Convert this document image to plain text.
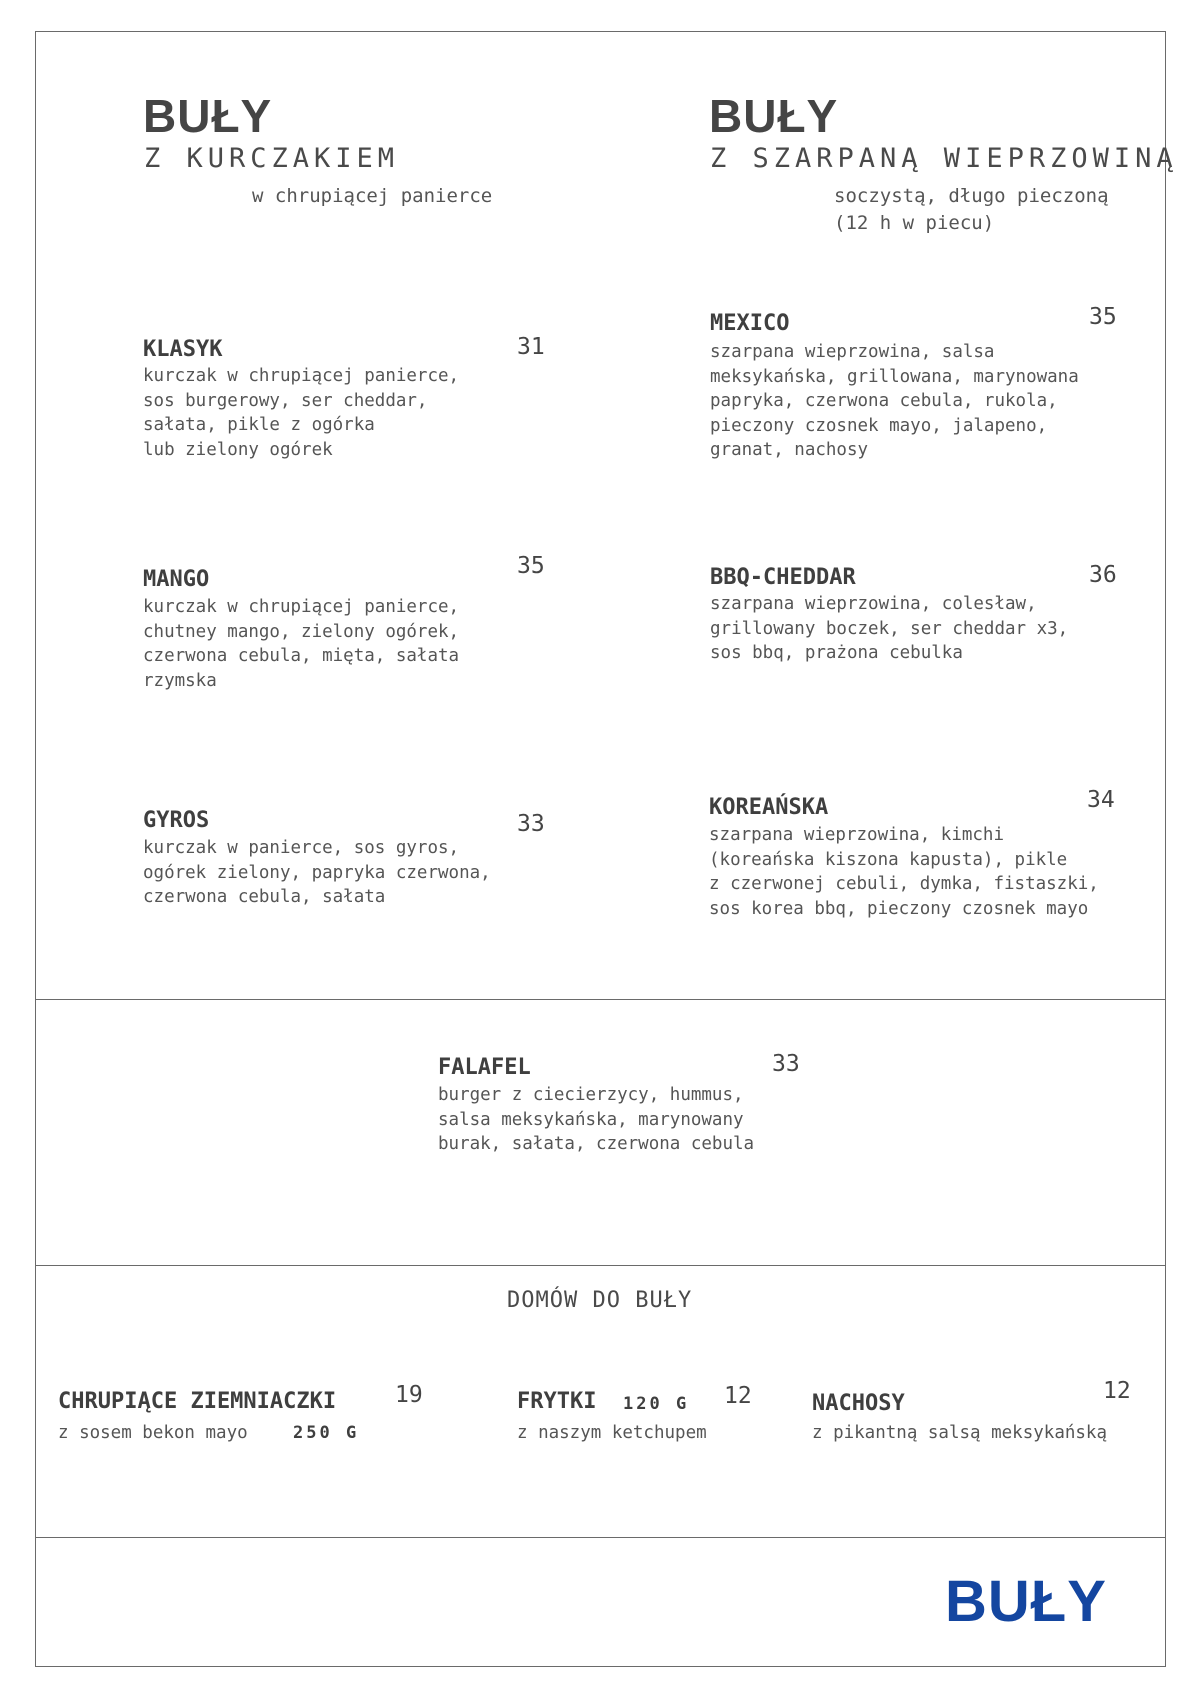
BUŁY
Z KURCZAKIEM
w chrupiącej panierce
BUŁY
Z SZARPANĄ WIEPRZOWINĄ
soczystą, długo pieczoną
(12 h w piecu)
KLASYK	31
kurczak w chrupiącej panierce,
sos burgerowy, ser cheddar,
sałata, pikle z ogórka
lub zielony ogórek
MANGO
35
kurczak w chrupiącej panierce,
chutney mango, zielony ogórek,
czerwona cebula, mięta, sałata
rzymska
GYROS	33
kurczak w panierce, sos gyros,
ogórek zielony, papryka czerwona,
czerwona cebula, sałata
MEXICO	35
szarpana wieprzowina, salsa
meksykańska, grillowana, marynowana
papryka, czerwona cebula, rukola,
pieczony czosnek mayo, jalapeno,
granat, nachosy
BBQ-CHEDDAR	36
szarpana wieprzowina, colesław,
grillowany boczek, ser cheddar x3,
sos bbq, prażona cebulka
KOREAŃSKA	34
szarpana wieprzowina, kimchi
(koreańska kiszona kapusta), pikle
z czerwonej cebuli, dymka, fistaszki,
sos korea bbq, pieczony czosnek mayo
FALAFEL	33
burger z ciecierzycy, hummus,
salsa meksykańska, marynowany
burak, sałata, czerwona cebula
DOMÓW DO BUŁY
CHRUPIĄCE ZIEMNIACZKI	19
z sosem bekon mayo	250 G
FRYTKI 120 G 12
z naszym ketchupem
NACHOSY	12
z pikantną salsą meksykańską
BUŁY
